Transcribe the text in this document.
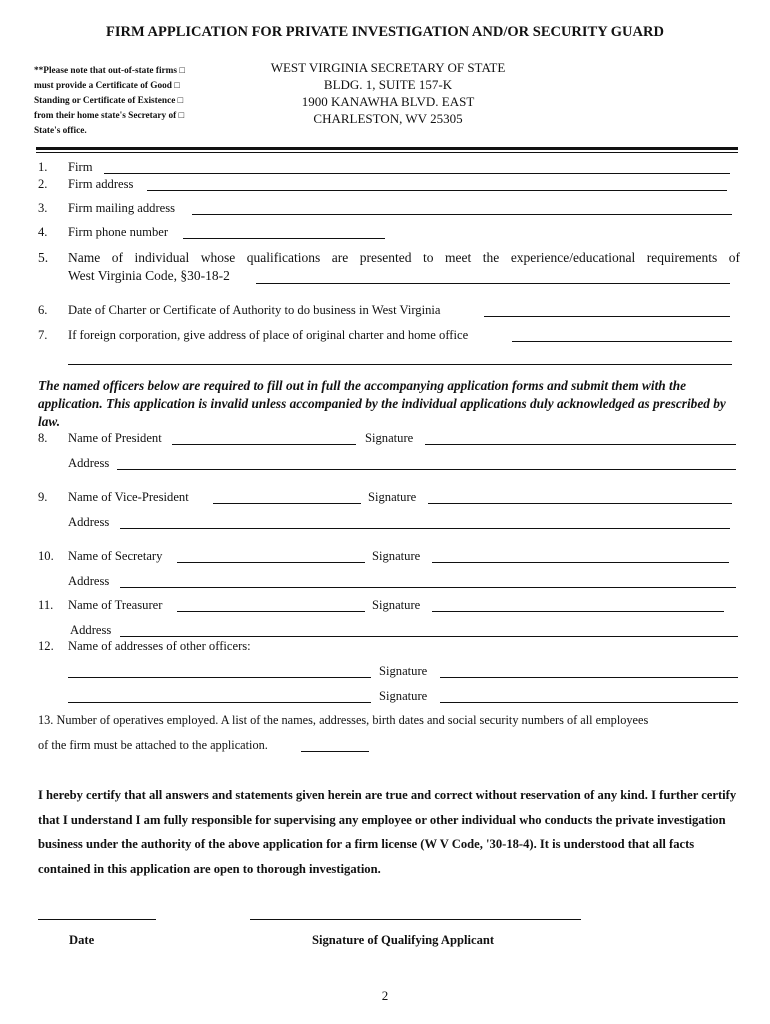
FIRM APPLICATION FOR PRIVATE INVESTIGATION AND/OR SECURITY GUARD
**Please note that out-of-state firms □
must provide a Certificate of Good □
Standing or Certificate of Existence □
from their home state's Secretary of □
State's office.
WEST VIRGINIA SECRETARY OF STATE
BLDG. 1, SUITE 157-K
1900 KANAWHA BLVD. EAST
CHARLESTON, WV 25305
1. Firm
2. Firm address
3. Firm mailing address
4. Firm phone number
5. Name of individual whose qualifications are presented to meet the experience/educational requirements of
West Virginia Code, §30-18-2
6. Date of Charter or Certificate of Authority to do business in West Virginia
7. If foreign corporation, give address of place of original charter and home office
The named officers below are required to fill out in full the accompanying application forms and submit them with the application. This application is invalid unless accompanied by the individual applications duly acknowledged as prescribed by law.
8. Name of President	Signature
Address
9. Name of Vice-President	Signature
Address
10. Name of Secretary	Signature
Address
11. Name of Treasurer	Signature
Address
12. Name of addresses of other officers:
Signature
Signature
13. Number of operatives employed. A list of the names, addresses, birth dates and social security numbers of all employees
of the firm must be attached to the application.
I hereby certify that all answers and statements given herein are true and correct without reservation of any kind. I further certify that I understand I am fully responsible for supervising any employee or other individual who conducts the private investigation business under the authority of the above application for a firm license (W V Code, '30-18-4). It is understood that all facts contained in this application are open to thorough investigation.
Date	Signature of Qualifying Applicant
2
